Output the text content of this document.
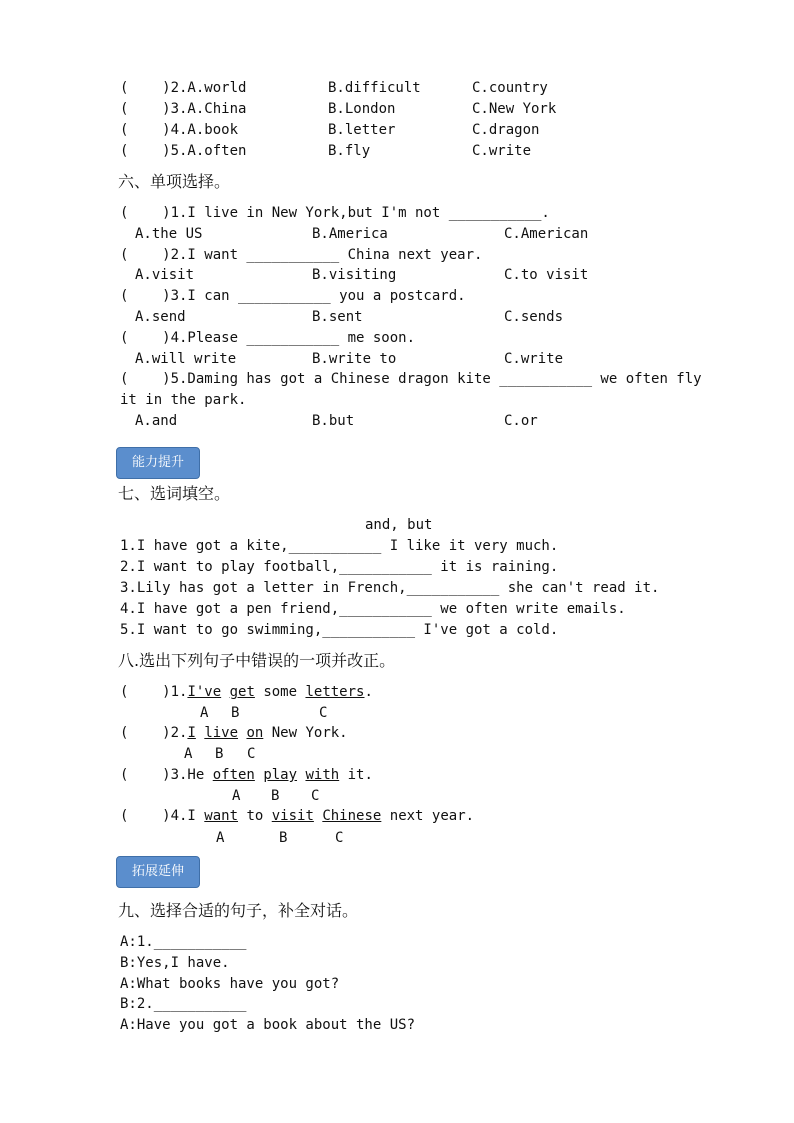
(    )2.A.world	B.difficult	C.country
(    )3.A.China	B.London	C.New York
(    )4.A.book	B.letter	C.dragon
(    )5.A.often	B.fly	C.write
六、单项选择。
(    )1.I live in New York,but I'm not ___________.
A.the US	B.America	C.American
(    )2.I want ___________ China next year.
A.visit	B.visiting	C.to visit
(    )3.I can ___________ you a postcard.
A.send	B.sent	C.sends
(    )4.Please ___________ me soon.
A.will write	B.write to	C.write
(    )5.Daming has got a Chinese dragon kite ___________ we often fly
it in the park.
A.and	B.but	C.or
能力提升
七、选词填空。
and, but
1.I have got a kite,___________ I like it very much.
2.I want to play football,___________ it is raining.
3.Lily has got a letter in French,___________ she can't read it.
4.I have got a pen friend,___________ we often write emails.
5.I want to go swimming,___________ I've got a cold.
八.选出下列句子中错误的一项并改正。
(    )1.I've get some letters.
A B	C
(    )2.I live on New York.
A B C
(    )3.He often play with it.
A B C
(    )4.I want to visit Chinese next year.
A	B	C
拓展延伸
九、选择合适的句子，补全对话。
A:1.___________
B:Yes,I have.
A:What books have you got?
B:2.___________
A:Have you got a book about the US?
